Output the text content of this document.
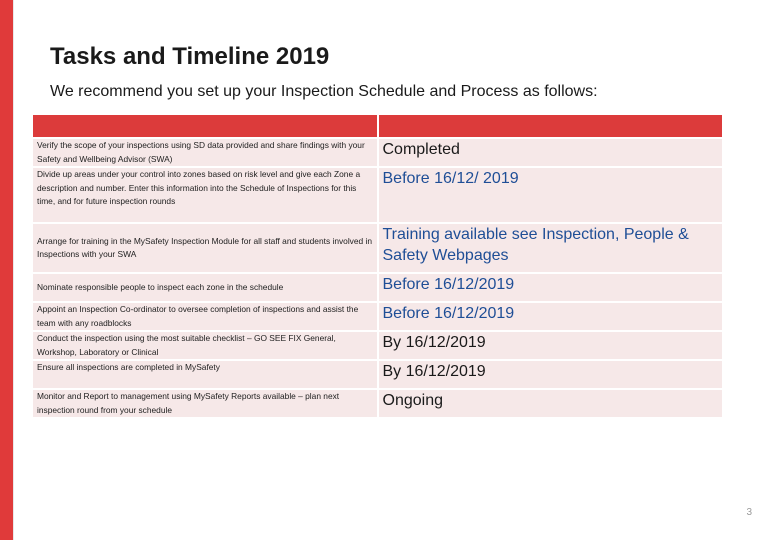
Tasks and Timeline 2019

We recommend you set up your Inspection Schedule and Process as follows:

Verify the scope of your inspections using SD data provided and share findings with your Safety and Wellbeing Advisor (SWA)	Completed
Divide up areas under your control into zones based on risk level and give each Zone a description and number. Enter this information into the Schedule of Inspections for this time, and for future inspection rounds	Before 16/12/ 2019
Arrange for training in the MySafety Inspection Module for all staff and students involved in Inspections with your SWA	Training available see Inspection, People & Safety Webpages
Nominate responsible people to inspect each zone in the schedule	Before 16/12/2019
Appoint an Inspection Co-ordinator to oversee completion of inspections and assist the team with any roadblocks	Before 16/12/2019
Conduct the inspection using the most suitable checklist – GO SEE FIX General, Workshop, Laboratory or Clinical	By 16/12/2019
Ensure all inspections are completed in MySafety	By 16/12/2019
Monitor and Report to management using MySafety Reports available – plan next inspection round from your schedule	Ongoing
3
